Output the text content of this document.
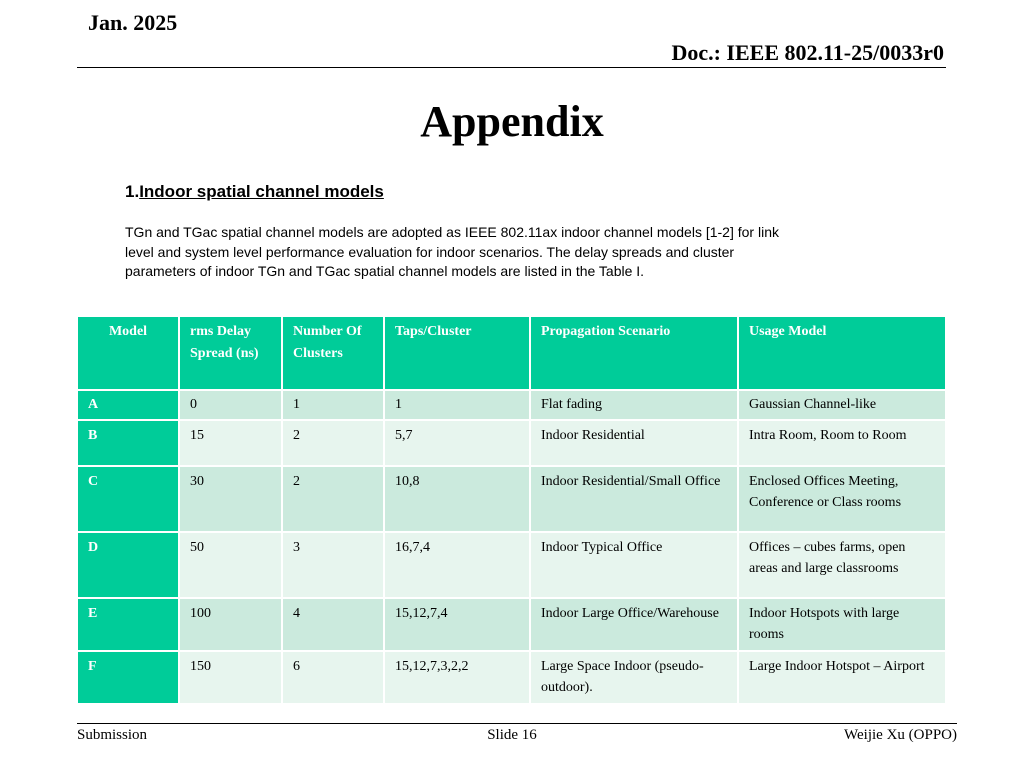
Jan. 2025

Doc.: IEEE 802.11-25/0033r0

Appendix

1.Indoor spatial channel models

TGn and TGac spatial channel models are adopted as IEEE 802.11ax indoor channel models [1-2] for link level and system level performance evaluation for indoor scenarios. The delay spreads and cluster parameters of indoor TGn and TGac spatial channel models are listed in the Table I.

Model	rms Delay Spread (ns)	Number Of Clusters	Taps/Cluster	Propagation Scenario	Usage Model
A	0	1	1	Flat fading	Gaussian Channel-like
B	15	2	5,7	Indoor Residential	Intra Room, Room to Room
C	30	2	10,8	Indoor Residential/Small Office	Enclosed Offices Meeting, Conference or Class rooms
D	50	3	16,7,4	Indoor Typical Office	Offices – cubes farms, open areas and large classrooms
E	100	4	15,12,7,4	Indoor Large Office/Warehouse	Indoor Hotspots with large rooms
F	150	6	15,12,7,3,2,2	Large Space Indoor (pseudo-outdoor).	Large Indoor Hotspot – Airport

Submission	Slide 16	Weijie Xu (OPPO)
